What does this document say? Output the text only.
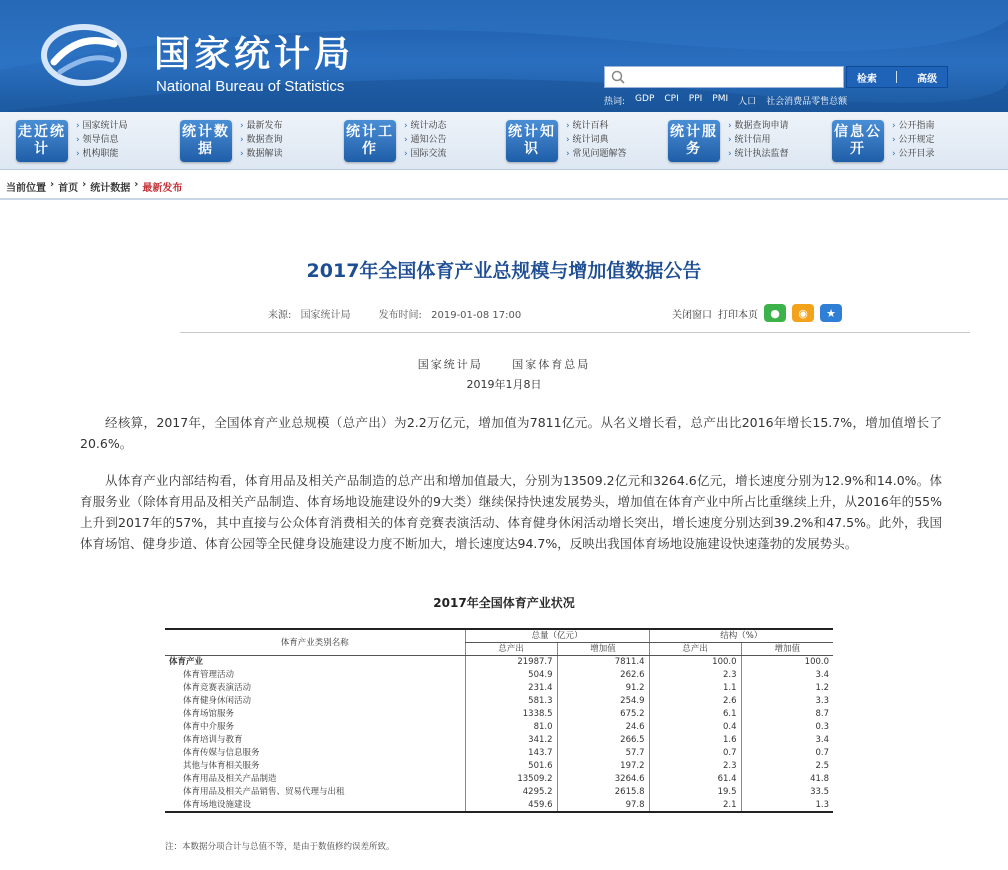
国家统计局
National Bureau of Statistics	检索	高级
热词: GDP CPI PPI PMI 人口 社会消费品零售总额
走近统计
› 国家统计局
› 领导信息
› 机构职能
统计数据
› 最新发布
› 数据查询
› 数据解读
统计工作
› 统计动态
› 通知公告
› 国际交流
统计知识
› 统计百科
› 统计词典
› 常见问题解答
统计服务
› 数据查询申请
› 统计信用
› 统计执法监督
信息公开
› 公开指南
› 公开规定
› 公开目录
当前位置 › 首页 › 统计数据 › 最新发布
2017年全国体育产业总规模与增加值数据公告
来源: 国家统计局	发布时间: 2019-01-08 17:00	关闭窗口 打印本页	●	◉	★
国家统计局	国家体育总局
2019年1月8日

经核算，2017年，全国体育产业总规模（总产出）为2.2万亿元，增加值为7811亿元。从名义增长看，总产出比2016年增长15.7%，增加值增长了20.6%。

从体育产业内部结构看，体育用品及相关产品制造的总产出和增加值最大，分别为13509.2亿元和3264.6亿元，增长速度分别为12.9%和14.0%。体育服务业（除体育用品及相关产品制造、体育场地设施建设外的9大类）继续保持快速发展势头，增加值在体育产业中所占比重继续上升，从2016年的55%上升到2017年的57%，其中直接与公众体育消费相关的体育竞赛表演活动、体育健身休闲活动增长突出，增长速度分别达到39.2%和47.5%。此外，我国体育场馆、健身步道、体育公园等全民健身设施建设力度不断加大，增长速度达94.7%，反映出我国体育场地设施建设快速蓬勃的发展势头。

2017年全国体育产业状况
体育产业类别名称	总量（亿元）		结构（%）	
	总产出	增加值	总产出	增加值
体育产业	21987.7	7811.4	100.0	100.0
体育管理活动	504.9	262.6	2.3	3.4
体育竞赛表演活动	231.4	91.2	1.1	1.2
体育健身休闲活动	581.3	254.9	2.6	3.3
体育场馆服务	1338.5	675.2	6.1	8.7
体育中介服务	81.0	24.6	0.4	0.3
体育培训与教育	341.2	266.5	1.6	3.4
体育传媒与信息服务	143.7	57.7	0.7	0.7
其他与体育相关服务	501.6	197.2	2.3	2.5
体育用品及相关产品制造	13509.2	3264.6	61.4	41.8
体育用品及相关产品销售、贸易代理与出租	4295.2	2615.8	19.5	33.5
体育场地设施建设	459.6	97.8	2.1	1.3
注：本数据分项合计与总值不等，是由于数值修约误差所致。
